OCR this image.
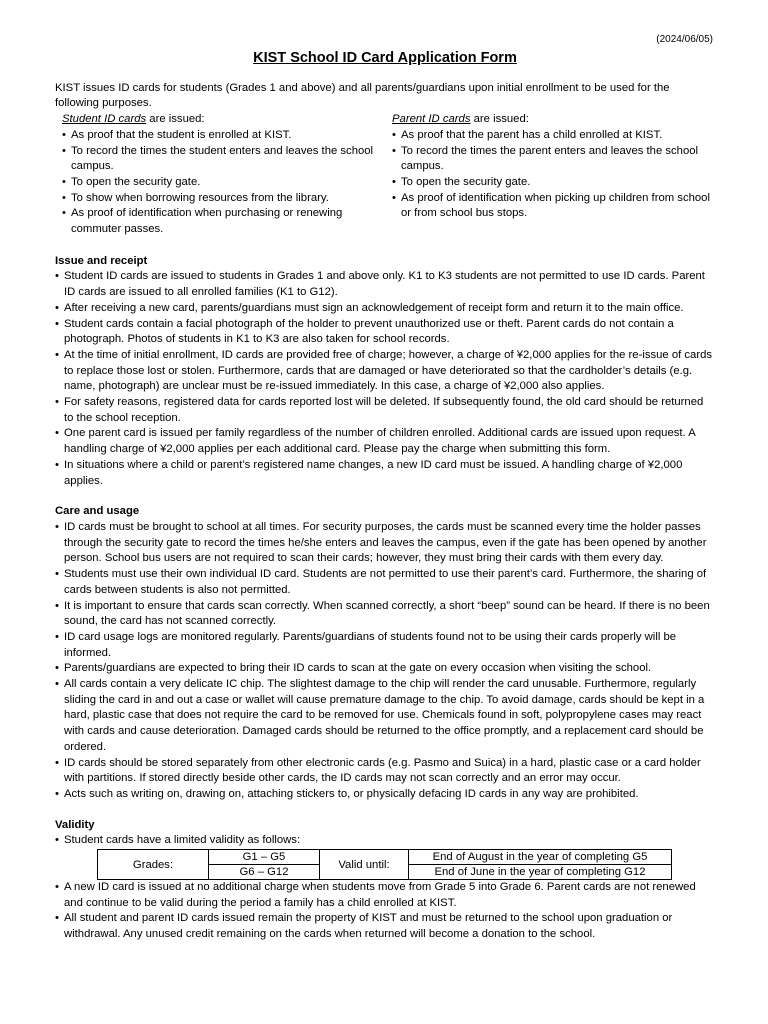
(2024/06/05)
KIST School ID Card Application Form

KIST issues ID cards for students (Grades 1 and above) and all parents/guardians upon initial enrollment to be used for the following purposes.

Student ID cards are issued:
• As proof that the student is enrolled at KIST.
• To record the times the student enters and leaves the school campus.
• To open the security gate.
• To show when borrowing resources from the library.
• As proof of identification when purchasing or renewing commuter passes.
Parent ID cards are issued:
• As proof that the parent has a child enrolled at KIST.
• To record the times the parent enters and leaves the school campus.
• To open the security gate.
• As proof of identification when picking up children from school or from school bus stops.
Issue and receipt
• Student ID cards are issued to students in Grades 1 and above only. K1 to K3 students are not permitted to use ID cards. Parent ID cards are issued to all enrolled families (K1 to G12).
• After receiving a new card, parents/guardians must sign an acknowledgement of receipt form and return it to the main office.
• Student cards contain a facial photograph of the holder to prevent unauthorized use or theft. Parent cards do not contain a photograph. Photos of students in K1 to K3 are also taken for school records.
• At the time of initial enrollment, ID cards are provided free of charge; however, a charge of ¥2,000 applies for the re-issue of cards to replace those lost or stolen. Furthermore, cards that are damaged or have deteriorated so that the cardholder’s details (e.g. name, photograph) are unclear must be re-issued immediately. In this case, a charge of ¥2,000 also applies.
• For safety reasons, registered data for cards reported lost will be deleted. If subsequently found, the old card should be returned to the school reception.
• One parent card is issued per family regardless of the number of children enrolled. Additional cards are issued upon request. A handling charge of ¥2,000 applies per each additional card. Please pay the charge when submitting this form.
• In situations where a child or parent’s registered name changes, a new ID card must be issued. A handling charge of ¥2,000 applies.
Care and usage
• ID cards must be brought to school at all times. For security purposes, the cards must be scanned every time the holder passes through the security gate to record the times he/she enters and leaves the campus, even if the gate has been opened by another person. School bus users are not required to scan their cards; however, they must bring their cards with them every day.
• Students must use their own individual ID card. Students are not permitted to use their parent’s card. Furthermore, the sharing of cards between students is also not permitted.
• It is important to ensure that cards scan correctly. When scanned correctly, a short “beep” sound can be heard. If there is no been sound, the card has not scanned correctly.
• ID card usage logs are monitored regularly. Parents/guardians of students found not to be using their cards properly will be informed.
• Parents/guardians are expected to bring their ID cards to scan at the gate on every occasion when visiting the school.
• All cards contain a very delicate IC chip. The slightest damage to the chip will render the card unusable. Furthermore, regularly sliding the card in and out a case or wallet will cause premature damage to the chip. To avoid damage, cards should be kept in a hard, plastic case that does not require the card to be removed for use. Chemicals found in soft, polypropylene cases may react with cards and cause deterioration. Damaged cards should be returned to the office promptly, and a replacement card should be ordered.
• ID cards should be stored separately from other electronic cards (e.g. Pasmo and Suica) in a hard, plastic case or a card holder with partitions. If stored directly beside other cards, the ID cards may not scan correctly and an error may occur.
• Acts such as writing on, drawing on, attaching stickers to, or physically defacing ID cards in any way are prohibited.
Validity
• Student cards have a limited validity as follows:
Grades:	G1 – G5	Valid until:	End of August in the year of completing G5
	G6 – G12		End of June in the year of completing G12
• A new ID card is issued at no additional charge when students move from Grade 5 into Grade 6. Parent cards are not renewed and continue to be valid during the period a family has a child enrolled at KIST.
• All student and parent ID cards issued remain the property of KIST and must be returned to the school upon graduation or withdrawal. Any unused credit remaining on the cards when returned will become a donation to the school.
